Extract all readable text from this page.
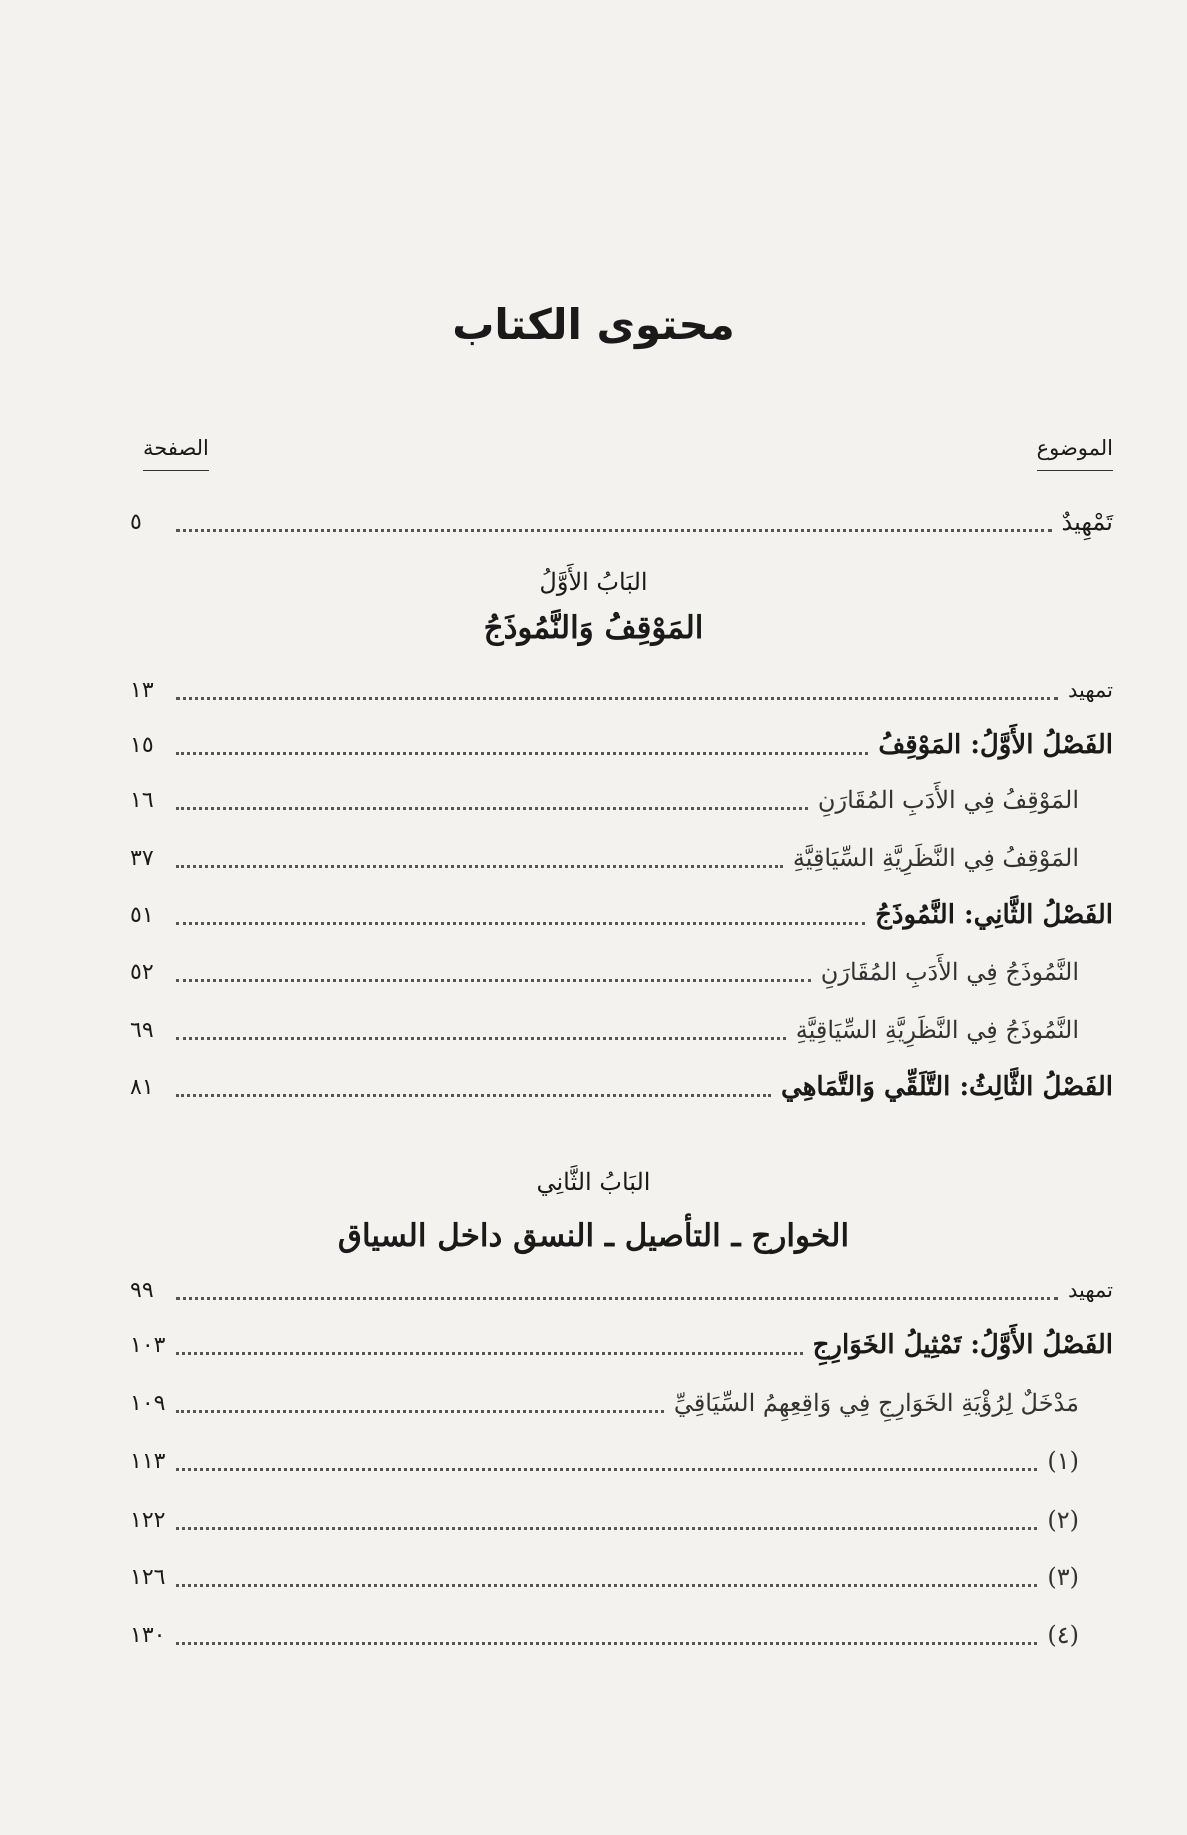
محتوى الكتاب
الموضوع
الصفحة
تَمْهِيدٌ
٥
البَابُ الأَوَّلُ
المَوْقِفُ وَالنَّمُوذَجُ
تمهيد
١٣
الفَصْلُ الأَوَّلُ: المَوْقِفُ
١٥
المَوْقِفُ فِي الأَدَبِ المُقَارَنِ
١٦
المَوْقِفُ فِي النَّظَرِيَّةِ السِّيَاقِيَّةِ
٣٧
الفَصْلُ الثَّانِي: النَّمُوذَجُ
٥١
النَّمُوذَجُ فِي الأَدَبِ المُقَارَنِ
٥٢
النَّمُوذَجُ فِي النَّظَرِيَّةِ السِّيَاقِيَّةِ
٦٩
الفَصْلُ الثَّالِثُ: التَّلَقِّي وَالتَّمَاهِي
٨١
البَابُ الثَّانِي
الخوارج ـ التأصيل ـ النسق داخل السياق
تمهيد
٩٩
الفَصْلُ الأَوَّلُ: تَمْثِيلُ الخَوَارِجِ
١٠٣
مَدْخَلٌ لِرُؤْيَةِ الخَوَارِجِ فِي وَاقِعِهِمُ السِّيَاقِيِّ
١٠٩
(١)
١١٣
(٢)
١٢٢
(٣)
١٢٦
(٤)
١٣٠
